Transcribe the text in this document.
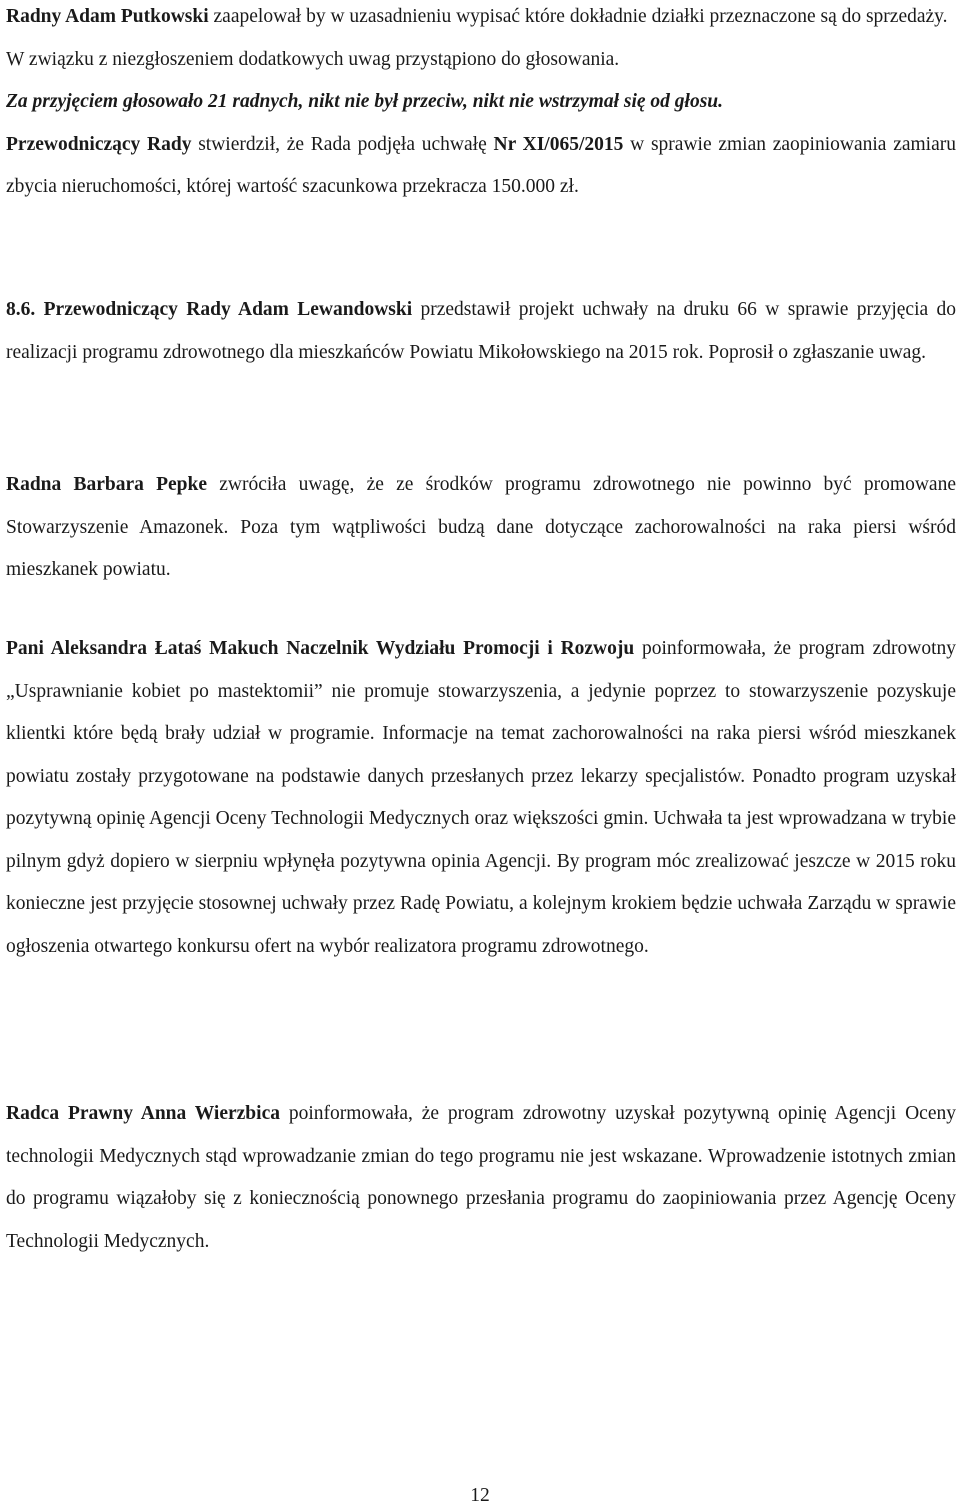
Radny Adam Putkowski zaapelował by w uzasadnieniu wypisać które dokładnie działki przeznaczone są do sprzedaży.

W związku z niezgłoszeniem dodatkowych uwag przystąpiono do głosowania.

Za przyjęciem głosowało 21 radnych, nikt nie był przeciw, nikt nie wstrzymał się od głosu.

Przewodniczący Rady stwierdził, że Rada podjęła uchwałę Nr XI/065/2015 w sprawie zmian zaopiniowania zamiaru zbycia nieruchomości, której wartość szacunkowa przekracza 150.000 zł.

8.6. Przewodniczący Rady Adam Lewandowski przedstawił projekt uchwały na druku 66 w sprawie przyjęcia do realizacji programu zdrowotnego dla mieszkańców Powiatu Mikołowskiego na 2015 rok. Poprosił o zgłaszanie uwag.

Radna Barbara Pepke zwróciła uwagę, że ze środków programu zdrowotnego nie powinno być promowane Stowarzyszenie Amazonek. Poza tym wątpliwości budzą dane dotyczące zachorowalności na raka piersi wśród mieszkanek powiatu.

Pani Aleksandra Łataś Makuch Naczelnik Wydziału Promocji i Rozwoju poinformowała, że program zdrowotny „Usprawnianie kobiet po mastektomii” nie promuje stowarzyszenia, a jedynie poprzez to stowarzyszenie pozyskuje klientki które będą brały udział w programie. Informacje na temat zachorowalności na raka piersi wśród mieszkanek powiatu zostały przygotowane na podstawie danych przesłanych przez lekarzy specjalistów. Ponadto program uzyskał pozytywną opinię Agencji Oceny Technologii Medycznych oraz większości gmin. Uchwała ta jest wprowadzana w trybie pilnym gdyż dopiero w sierpniu wpłynęła pozytywna opinia Agencji. By program móc zrealizować jeszcze w 2015 roku konieczne jest przyjęcie stosownej uchwały przez Radę Powiatu, a kolejnym krokiem będzie uchwała Zarządu w sprawie ogłoszenia otwartego konkursu ofert na wybór realizatora programu zdrowotnego.

Radca Prawny Anna Wierzbica poinformowała, że program zdrowotny uzyskał pozytywną opinię Agencji Oceny technologii Medycznych stąd wprowadzanie zmian do tego programu nie jest wskazane. Wprowadzenie istotnych zmian do programu wiązałoby się z koniecznością ponownego przesłania programu do zaopiniowania przez Agencję Oceny Technologii Medycznych.

12
